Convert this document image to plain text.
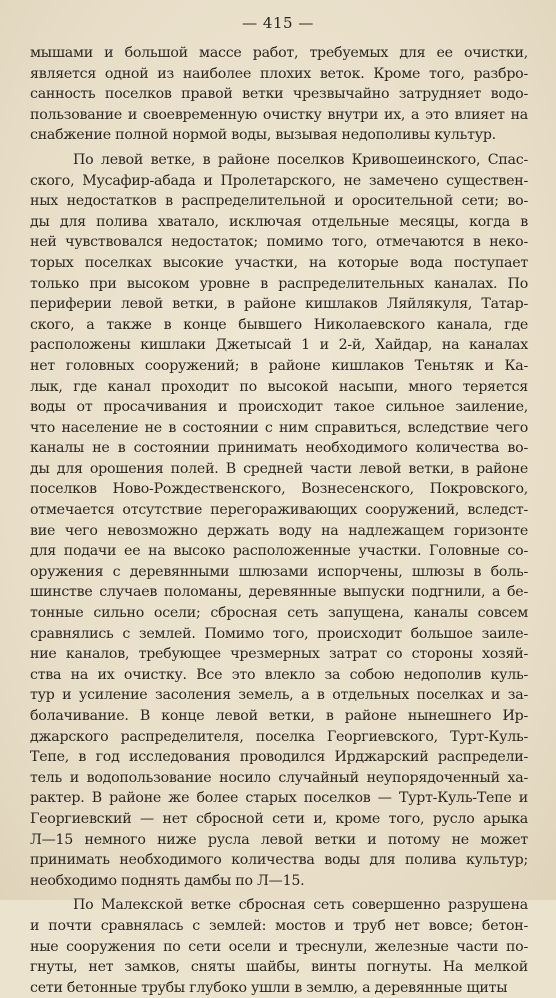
— 415 —
мышами и большой масcе работ, требуемых для ее очистки,
является одной из наиболее плохих веток. Кроме того, разбро-
санность поселков правой ветки чрезвычайно затрудняет водо-
пользование и своевременную очистку внутри их, а это влияет на
снабжение полной нормой воды, вызывая недополивы культур.
По левой ветке, в районе поселков Кривошеинского, Спас-
ского, Мусафир-абада и Пролетарского, не замечено существен-
ных недостатков в распределительной и оросительной сети; во-
ды для полива хватало, исключая отдельные месяцы, когда в
ней чувствовался недостаток; помимо того, отмечаются в неко-
торых поселках высокие участки, на которые вода поступает
только при высоком уровне в распределительных каналах. По
периферии левой ветки, в районе кишлаков Ляйлякуля, Татар-
ского, а также в конце бывшего Николаевского канала, где
расположены кишлаки Джетысай 1 и 2-й, Хайдар, на каналах
нет головных сооружений; в районе кишлаков Теньтяк и Ка-
лык, где канал проходит по высокой насыпи, много теряется
воды от просачивания и происходит такое сильное заиление,
что население не в состоянии с ним справиться, вследствие чего
каналы не в состоянии принимать необходимого количества во-
ды для орошения полей. В средней части левой ветки, в районе
поселков Ново-Рождественского, Вознесенского, Покровского,
отмечается отсутствие перегораживающих сооружений, вследст-
вие чего невозможно держать воду на надлежащем горизонте
для подачи ее на высоко расположенные участки. Головные со-
оружения с деревянными шлюзами испорчены, шлюзы в боль-
шинстве случаев поломаны, деревянные выпуски подгнили, а бе-
тонные сильно осели; сбросная сеть запущена, каналы совсем
сравнялись с землей. Помимо того, происходит большое заиле-
ние каналов, требующее чрезмерных затрат со стороны хозяй-
ства на их очистку. Все это влекло за собою недополив куль-
тур и усиление засоления земель, а в отдельных поселках и за-
болачивание. В конце левой ветки, в районе нынешнего Ир-
джарского распределителя, поселка Георгиевского, Турт-Куль-
Тепе, в год исследования проводился Ирджарский распредели-
тель и водопользование носило случайный неупорядоченный ха-
рактер. В районе же более старых поселков — Турт-Куль-Тепе и
Георгиевский — нет сбросной сети и, кроме того, русло арыка
Л—15 немного ниже русла левой ветки и потому не может
принимать необходимого количества воды для полива культур;
необходимо поднять дамбы по Л—15.
По Малекской ветке сбросная сеть совершенно разрушена
и почти сравнялась с землей: мостов и труб нет вовсе; бетон-
ные сооружения по сети осели и треснули, железные части по-
гнуты, нет замков, сняты шайбы, винты погнуты. На мелкой
сети бетонные трубы глубоко ушли в землю, а деревянные щиты
